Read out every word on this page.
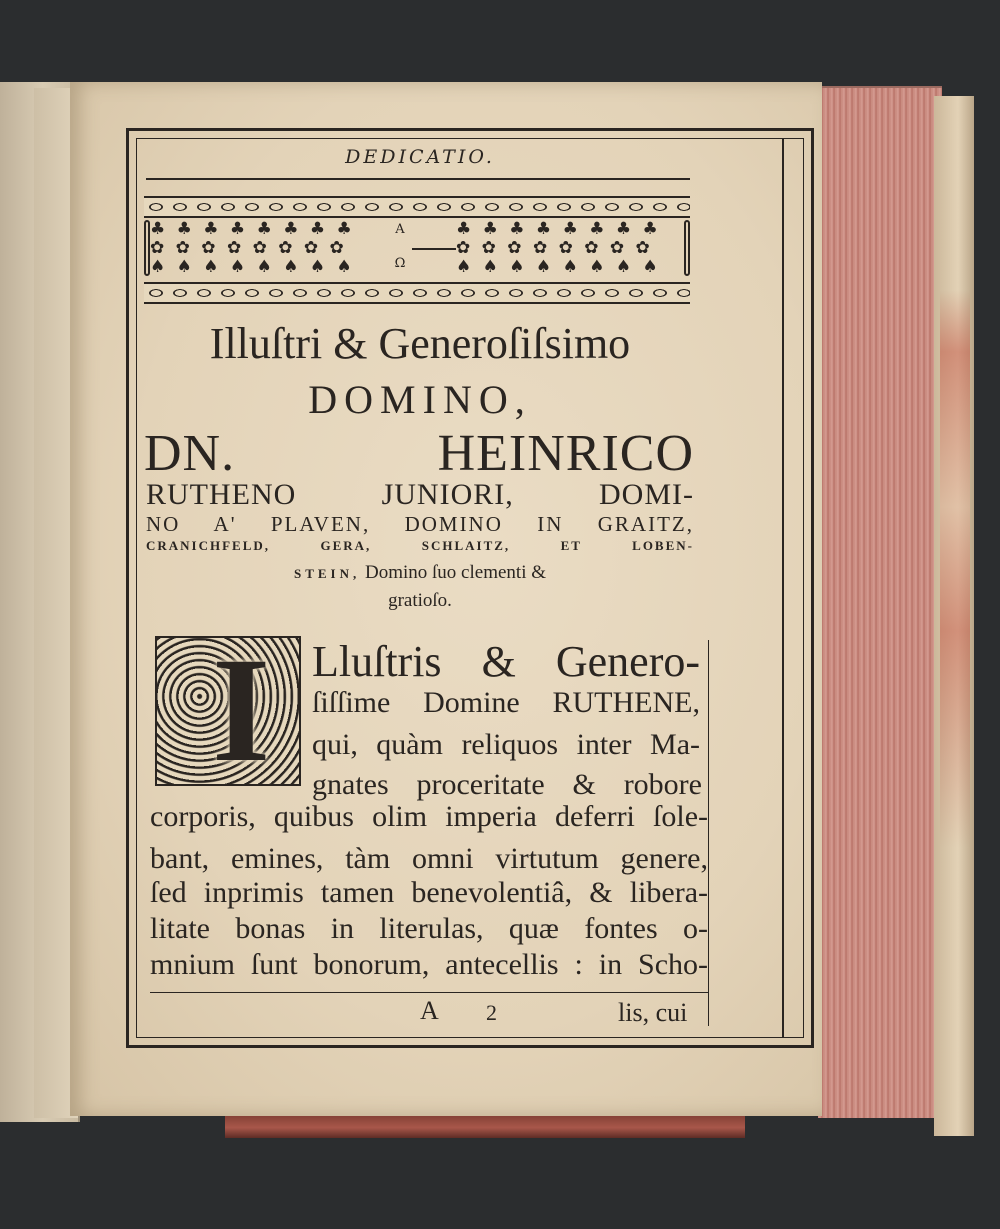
DEDICATIO.
♣ ♣ ♣ ♣ ♣ ♣ ♣ ♣
✿ ✿ ✿ ✿ ✿ ✿ ✿ ✿
♠ ♠ ♠ ♠ ♠ ♠ ♠ ♠
A
Ω
♣ ♣ ♣ ♣ ♣ ♣ ♣ ♣
✿ ✿ ✿ ✿ ✿ ✿ ✿ ✿
♠ ♠ ♠ ♠ ♠ ♠ ♠ ♠
Illuſtri & Generoſiſsimo
DOMINO,
DN. HEINRICO
RUTHENO JUNIORI, DOMI-
NO A' PLAVEN, DOMINO IN GRAITZ,
CRANICHFELD, GERA, SCHLAITZ, ET LOBEN-
STEIN, Domino ſuo clementi &
gratioſo.
I Lluſtris & Genero-
ſiſſime Domine RUTHENE,
qui, quàm reliquos inter Ma-
gnates proceritate & robore
corporis, quibus olim imperia deferri ſole-
bant, emines, tàm omni virtutum genere,
ſed inprimis tamen benevolentiâ, & libera-
litate bonas in literulas, quæ fontes o-
mnium ſunt bonorum, antecellis : in Scho-
A 2	lis, cui
